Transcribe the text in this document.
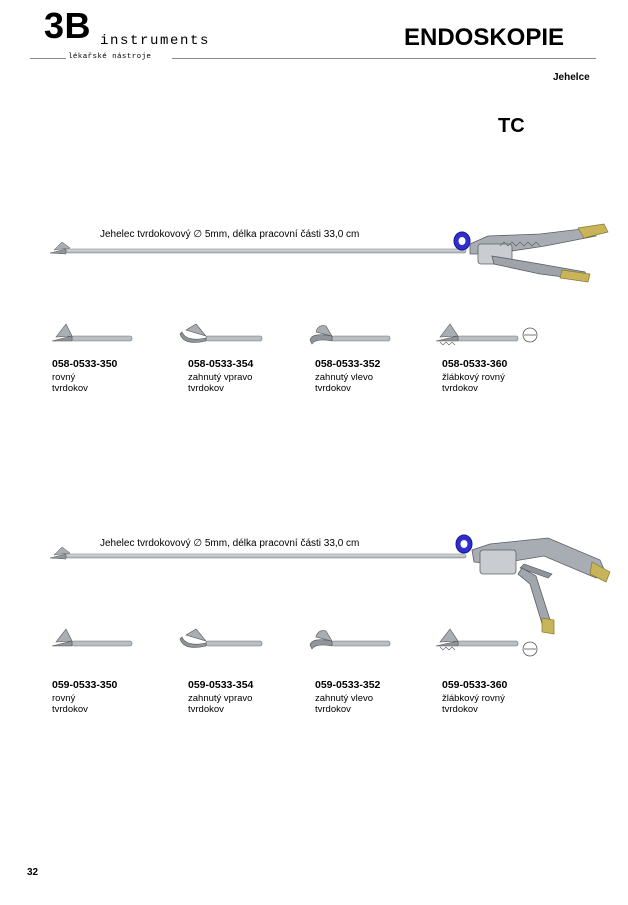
3B instruments
lékařské nástroje
ENDOSKOPIE
Jehelce
TC
Jehelec tvrdokovový ∅ 5mm, délka pracovní části 33,0 cm
058-0533-350
rovný
tvrdokov
058-0533-354
zahnutý vpravo
tvrdokov
058-0533-352
zahnutý vlevo
tvrdokov
058-0533-360
žlábkový rovný
tvrdokov
Jehelec tvrdokovový ∅ 5mm, délka pracovní části 33,0 cm
059-0533-350
rovný
tvrdokov
059-0533-354
zahnutý vpravo
tvrdokov
059-0533-352
zahnutý vlevo
tvrdokov
059-0533-360
žlábkový rovný
tvrdokov
32
